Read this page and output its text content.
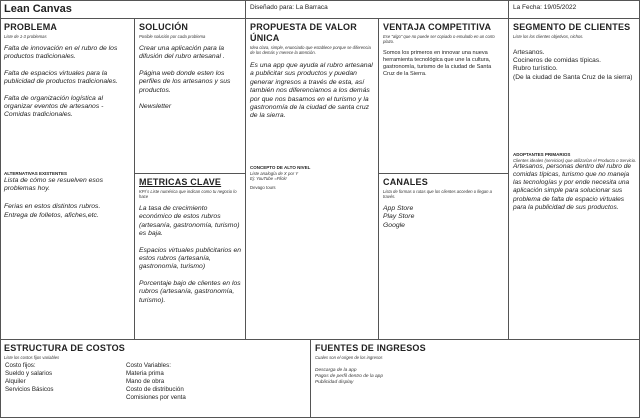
Lean Canvas	Diseñado para: La Barraca	La Fecha: 19/05/2022
PROBLEMA
Liste de 1-3 problemas
Falta de innovación en el rubro de los productos tradicionales.

Falta de espacios virtuales para la publicidad de productos tradicionales.

Falta de organización logística al organizar eventos de artesanos - Comidas tradicionales.

ALTERNATIVAS EXISTENTES
Lista de cómo se resuelven esos problemas hoy.
Ferias en estos distintos rubros.
Entrega de folletos, afiches,etc.
SOLUCIÓN
Posible solución por cada problema
Crear una aplicación para la difusión del rubro artesanal .

Página web donde esten los perfiles de los artesanos y sus productos.

Newsletter

METRICAS CLAVE
KPI`s Liste numérica que indican como tu negocio lo hace
La tasa de crecimiento económico de estos rubros (artesanía, gastronomía, turismo) es baja.

Espacios virtuales publicitarios en estos rubros (artesanía, gastronomía, turismo)

Porcentaje bajo de clientes en los rubros (artesanía, gastronomía, turismo).

PROPUESTA DE VALOR ÚNICA
Idea clara, simple, enunciado que establece porque se diferencia de los demás y merece la atención.
Es una app que ayuda al rubro artesanal a publicitar sus productos y puedan generar ingresos a través de esta, así también nos diferenciamos a los demás por que nos basamos en el turismo y la gastronomía de la ciudad de santa cruz de la sierra.
CONCEPTO DE ALTO NIVEL
Liste analogía de X por Y
Ej: YouTube =Flickr
Devago tours
VENTAJA COMPETITIVA
Ese "algo" que no puede ser copiado o emulado en un corto plazo.
Somos los primeros en innovar una nueva herramienta tecnológica que une la cultura, gastronomía, turismo de la ciudad de Santa Cruz de la Sierra.
CANALES
Lista de formas o rutas que los clientes acceden o llegan a través.
App Store
Play Store
Google
SEGMENTO DE CLIENTES
Liste los los clientes objetivos, nichos.
Artesanos.
Cocineros de comidas típicas.
Rubro turístico.
(De la ciudad de Santa Cruz de la sierra)
ADOPTANTES PRIMARIOS
Clientes ideales (servicios) que utilizarían el Producto o Servicio.
Artesanos, personas dentro del rubro de comidas típicas, turismo que no maneja las tecnologías y por ende necesita una aplicación simple para solucionar sus problema de falta de espacio virtuales para la publicidad de sus productos.
ESTRUCTURA DE COSTOS
Liste los costos fijos variables
Costo fijos:
Sueldo y salarios
Alquiler
Servicios Básicos
Costo Variables:
Materia prima
Mano de obra
Costo de distribución
Comisiones por venta
FUENTES DE INGRESOS
Cuales son el origen de los ingresos
Descarga de la app
Pagos de perfil dentro de la app
Publicidad display
